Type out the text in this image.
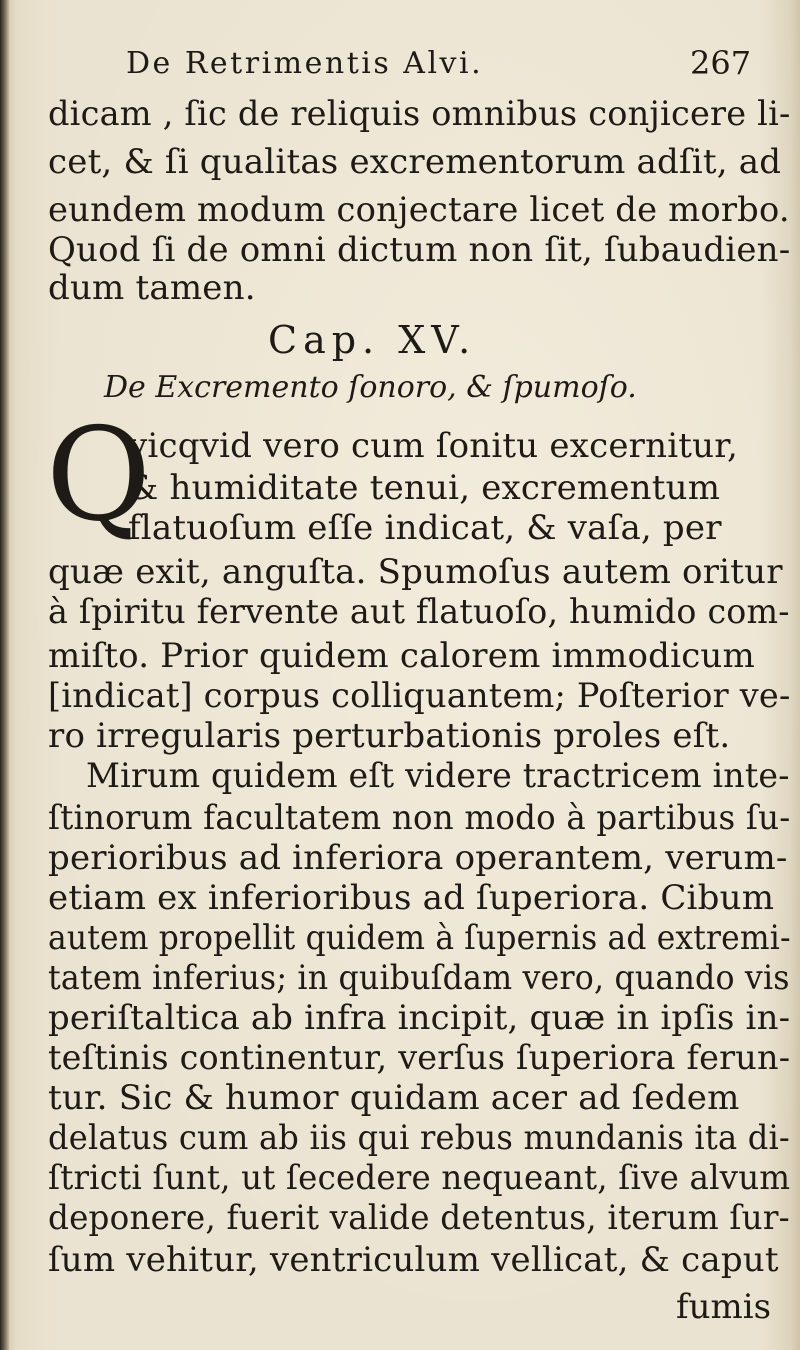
De Retrimentis Alvi.	267
dicam , ſic de reliquis omnibus conjicere li-
cet, & ſi qualitas excrementorum adſit, ad
eundem modum conjectare licet de morbo.
Quod ſi de omni dictum non ſit, ſubaudien-
dum tamen.
Cap. XV.
De Excremento ſonoro, & ſpumoſo.
Q
vicqvid vero cum ſonitu excernitur,
& humiditate tenui, excrementum
flatuoſum eſſe indicat, & vaſa, per
quæ exit, anguſta. Spumoſus autem oritur
à ſpiritu fervente aut flatuoſo, humido com-
miſto. Prior quidem calorem immodicum
[indicat] corpus colliquantem; Poſterior ve-
ro irregularis perturbationis proles eſt.
Mirum quidem eſt videre tractricem inte-
ſtinorum facultatem non modo à partibus ſu-
perioribus ad inferiora operantem, verum-
etiam ex inferioribus ad ſuperiora. Cibum
autem propellit quidem à ſupernis ad extremi-
tatem inferius; in quibuſdam vero, quando vis
periſtaltica ab infra incipit, quæ in ipſis in-
teſtinis continentur, verſus ſuperiora ferun-
tur. Sic & humor quidam acer ad ſedem
delatus cum ab iis qui rebus mundanis ita di-
ſtricti ſunt, ut ſecedere nequeant, ſive alvum
deponere, fuerit valide detentus, iterum ſur-
ſum vehitur, ventriculum vellicat, & caput
fumis
